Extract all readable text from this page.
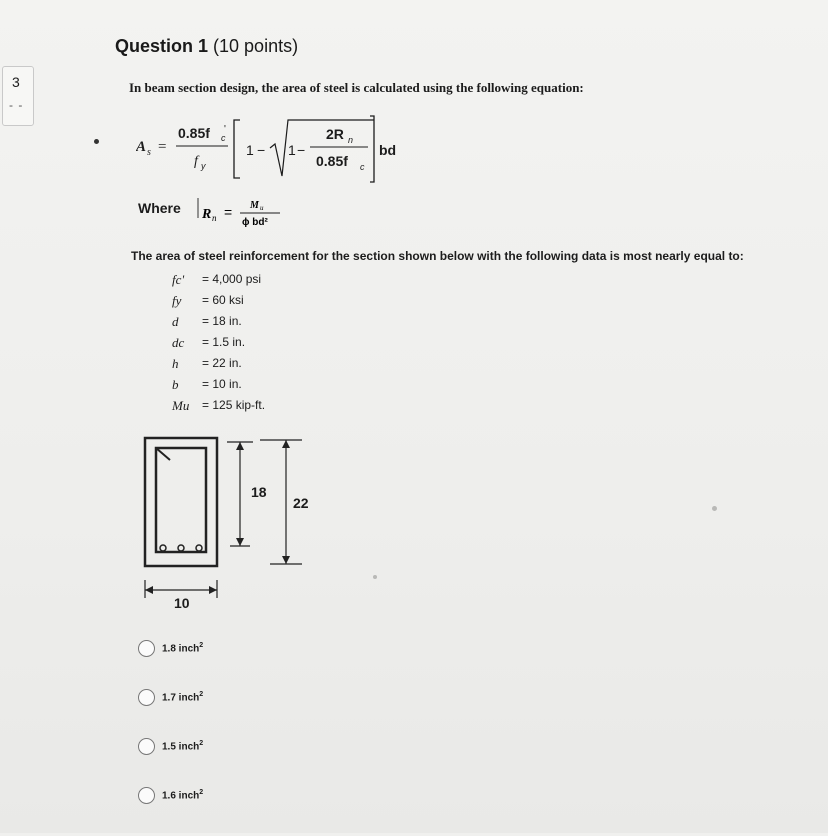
3
- -
Question 1 (10 points)
In beam section design, the area of steel is calculated using the following equation:
A s =
0.85f c
'
f y
1 − 1 −
2R n
0.85f c
bd
Where R n = M u
ϕ bd²
The area of steel reinforcement for the section shown below with the following data is most nearly equal to:
fc'	= 4,000 psi
fy	= 60 ksi
d	= 18 in.
dc	= 1.5 in.
h	= 22 in.
b	= 10 in.
Mu	= 125 kip-ft.
18
22
10
1.8 inch$^2$
1.7 inch$^2$
1.5 inch$^2$
1.6 inch$^2$
